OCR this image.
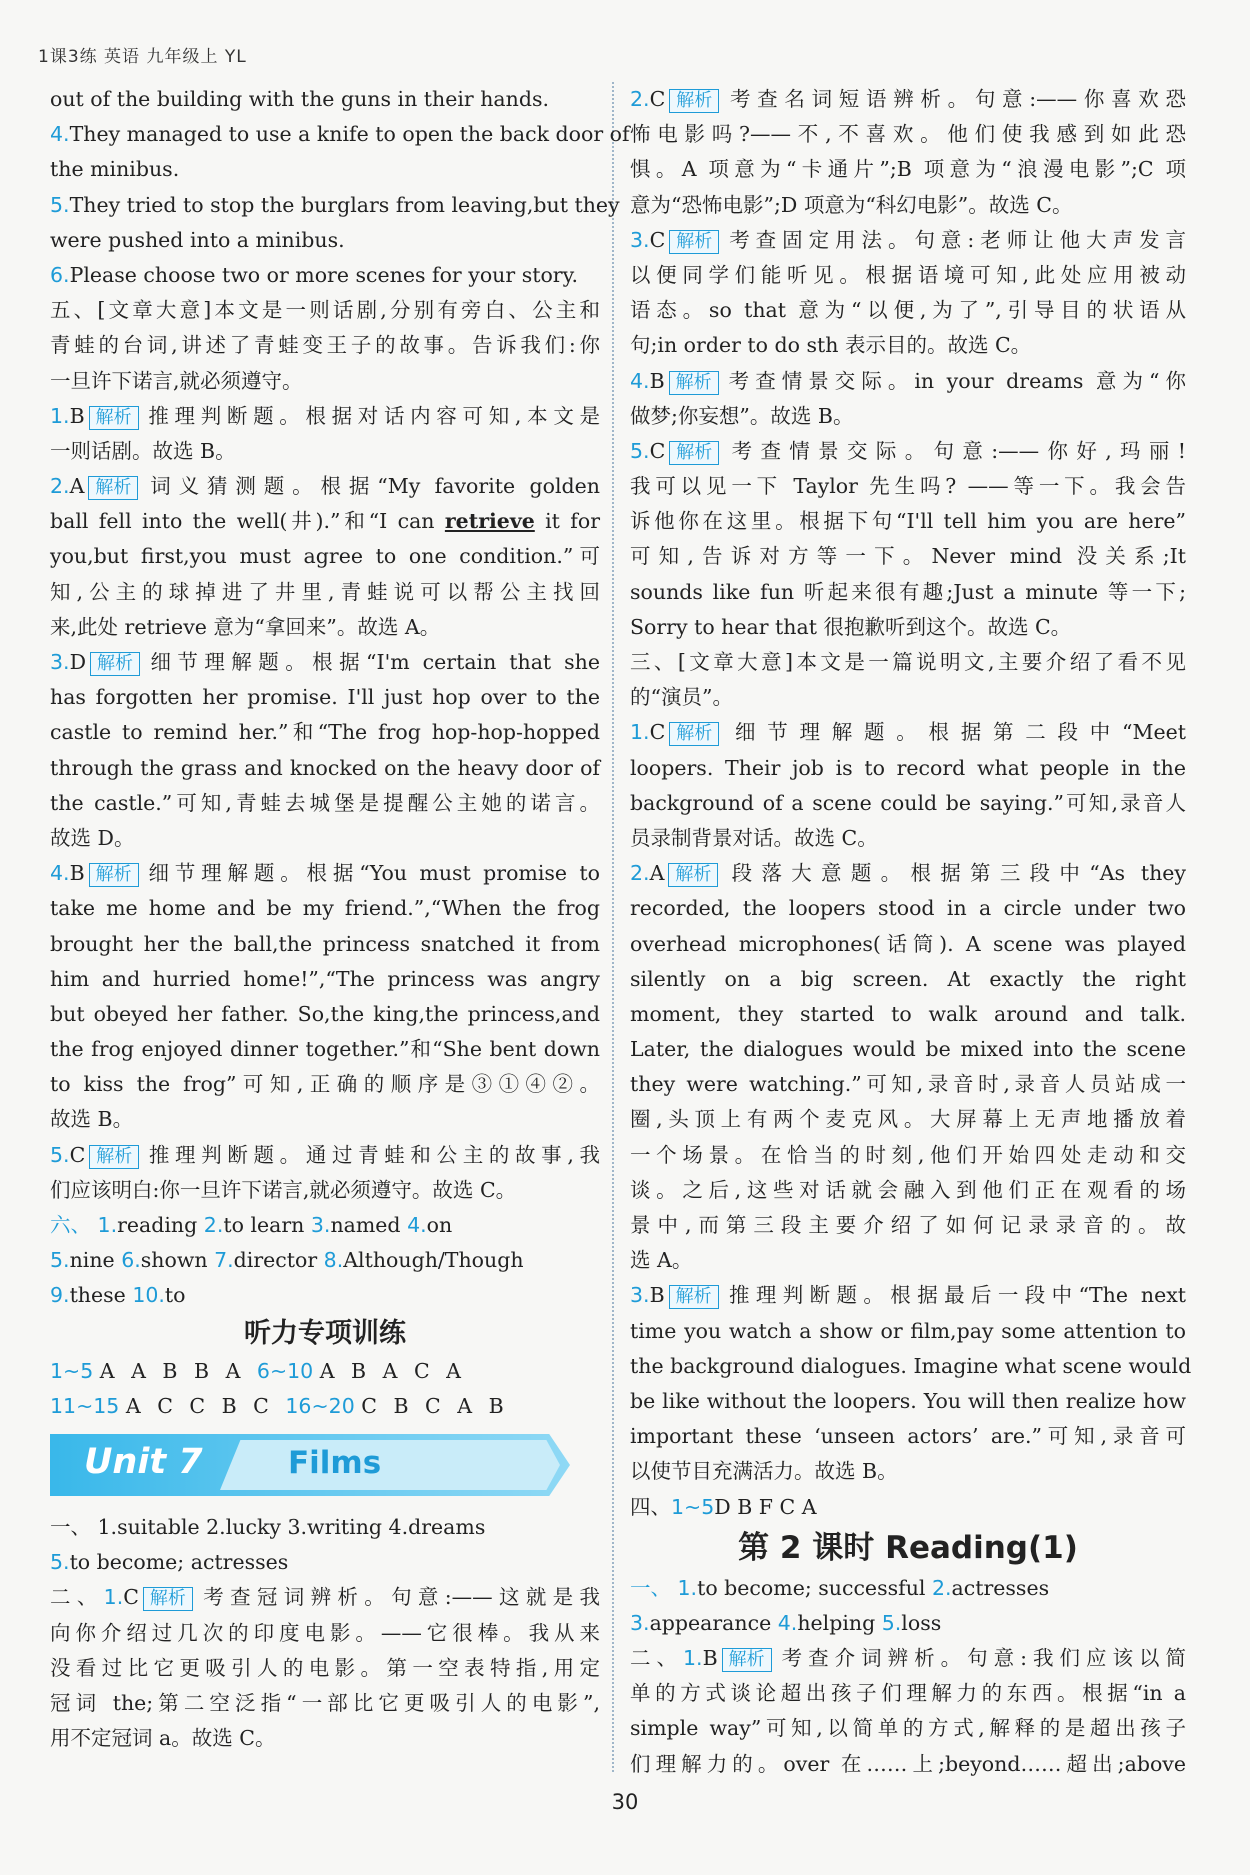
1课3练 英语 九年级上 YL
out of the building with the guns in their hands.
4.They managed to use a knife to open the back door of
the minibus.
5.They tried to stop the burglars from leaving,but they
were pushed into a minibus.
6.Please choose two or more scenes for your story.
五、[文章大意]本文是一则话剧,分别有旁白、公主和
青蛙的台词,讲述了青蛙变王子的故事。告诉我们:你
一旦许下诺言,就必须遵守。
1.B 解析 推理判断题。根据对话内容可知,本文是
一则话剧。故选 B。
2.A 解析 词义猜测题。根据“My favorite golden
ball fell into the well(井).”和“I can retrieve it for
you,but first,you must agree to one condition.”可
知,公主的球掉进了井里,青蛙说可以帮公主找回
来,此处 retrieve 意为“拿回来”。故选 A。
3.D 解析 细节理解题。根据“I'm certain that she
has forgotten her promise. I'll just hop over to the
castle to remind her.”和“The frog hop-hop-hopped
through the grass and knocked on the heavy door of
the castle.”可知,青蛙去城堡是提醒公主她的诺言。
故选 D。
4.B 解析 细节理解题。根据“You must promise to
take me home and be my friend.”,“When the frog
brought her the ball,the princess snatched it from
him and hurried home!”,“The princess was angry
but obeyed her father. So,the king,the princess,and
the frog enjoyed dinner together.”和“She bent down
to kiss the frog”可知,正确的顺序是③①④②。
故选 B。
5.C 解析 推理判断题。通过青蛙和公主的故事,我
们应该明白:你一旦许下诺言,就必须遵守。故选 C。
六、 1.reading 2.to learn 3.named 4.on
5.nine 6.shown 7.director 8.Although/Though
9.these 10.to
听力专项训练
1~5 A A B B A 6~10 A B A C A
11~15 A C C B C 16~20 C B C A B
Unit 7	Films
一、 1.suitable 2.lucky 3.writing 4.dreams
5.to become; actresses
二、1.C 解析 考查冠词辨析。句意:——这就是我
向你介绍过几次的印度电影。——它很棒。我从来
没看过比它更吸引人的电影。第一空表特指,用定
冠词 the;第二空泛指“一部比它更吸引人的电影”,
用不定冠词 a。故选 C。
2.C 解析 考查名词短语辨析。句意:——你喜欢恐
怖电影吗?——不,不喜欢。他们使我感到如此恐
惧。A 项意为“卡通片”;B 项意为“浪漫电影”;C 项
意为“恐怖电影”;D 项意为“科幻电影”。故选 C。
3.C 解析 考查固定用法。句意:老师让他大声发言
以便同学们能听见。根据语境可知,此处应用被动
语态。so that 意为“以便,为了”,引导目的状语从
句;in order to do sth 表示目的。故选 C。
4.B 解析 考查情景交际。in your dreams 意为“你
做梦;你妄想”。故选 B。
5.C 解析 考查情景交际。句意:——你好,玛丽!
我可以见一下 Taylor 先生吗? ——等一下。我会告
诉他你在这里。根据下句“I'll tell him you are here”
可知,告诉对方等一下。Never mind 没关系;It
sounds like fun 听起来很有趣;Just a minute 等一下;
Sorry to hear that 很抱歉听到这个。故选 C。
三、[文章大意]本文是一篇说明文,主要介绍了看不见
的“演员”。
1.C 解析 细节理解题。根据第二段中“Meet
loopers. Their job is to record what people in the
background of a scene could be saying.”可知,录音人
员录制背景对话。故选 C。
2.A 解析 段落大意题。根据第三段中“As they
recorded, the loopers stood in a circle under two
overhead microphones(话筒). A scene was played
silently on a big screen. At exactly the right
moment, they started to walk around and talk.
Later, the dialogues would be mixed into the scene
they were watching.”可知,录音时,录音人员站成一
圈,头顶上有两个麦克风。大屏幕上无声地播放着
一个场景。在恰当的时刻,他们开始四处走动和交
谈。之后,这些对话就会融入到他们正在观看的场
景中,而第三段主要介绍了如何记录录音的。故
选 A。
3.B 解析 推理判断题。根据最后一段中“The next
time you watch a show or film,pay some attention to
the background dialogues. Imagine what scene would
be like without the loopers. You will then realize how
important these ‘unseen actors’ are.”可知,录音可
以使节目充满活力。故选 B。
四、1~5D B F C A
第 2 课时 Reading(1)
一、 1.to become; successful 2.actresses
3.appearance 4.helping 5.loss
二、1.B 解析 考查介词辨析。句意:我们应该以简
单的方式谈论超出孩子们理解力的东西。根据“in a
simple way”可知,以简单的方式,解释的是超出孩子
们理解力的。over 在……上;beyond……超出;above
30
